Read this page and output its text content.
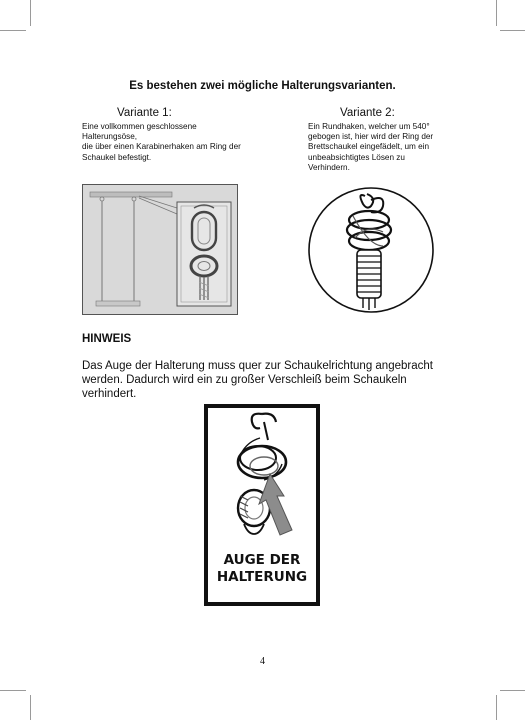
Es bestehen zwei mögliche Halterungsvarianten.
Variante 1:
Eine vollkommen geschlossene Halterungsöse,
die über einen Karabinerhaken am Ring der
Schaukel befestigt.
Variante 2:
Ein Rundhaken, welcher um 540°
gebogen ist, hier wird der Ring der
Brettschaukel eingefädelt, um ein
unbeabsichtigtes Lösen zu
Verhindern.
HINWEIS
Das Auge der Halterung muss quer zur Schaukelrichtung angebracht
werden. Dadurch wird ein zu großer Verschleiß beim Schaukeln
verhindert.
AUGE DER
HALTERUNG
4
